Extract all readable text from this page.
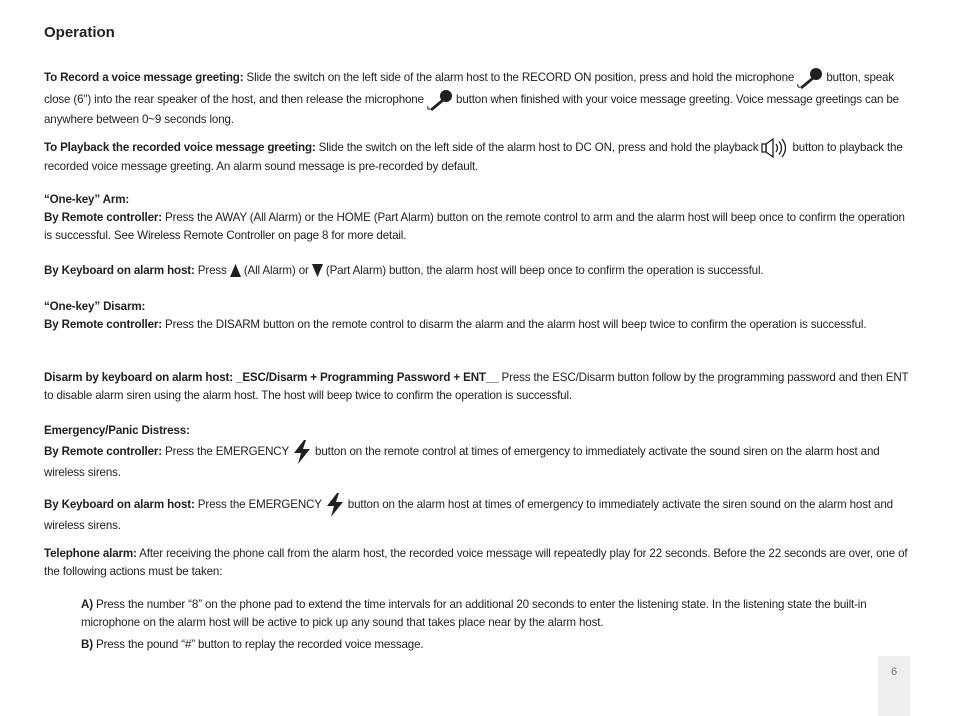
Operation

To Record a voice message greeting: Slide the switch on the left side of the alarm host to the RECORD ON position, press and hold the microphone
button, speak close (6") into the rear speaker of the host, and then release the microphone
button when finished with your voice message greeting. Voice message greetings can be anywhere between 0~9 seconds long.

To Playback the recorded voice message greeting: Slide the switch on the left side of the alarm host to DC ON, press and hold the playback
button to playback the recorded voice message greeting. An alarm sound message is pre-recorded by default.

“One-key” Arm:
By Remote controller: Press the AWAY (All Alarm) or the HOME (Part Alarm) button on the remote control to arm and the alarm host will beep once to confirm the operation is successful. See Wireless Remote Controller on page 8 for more detail.

By Keyboard on alarm host: Press
(All Alarm) or
(Part Alarm) button, the alarm host will beep once to confirm the operation is successful.

“One-key” Disarm:
By Remote controller: Press the DISARM button on the remote control to disarm the alarm and the alarm host will beep twice to confirm the operation is successful.

Disarm by keyboard on alarm host: _ESC/Disarm + Programming Password + ENT__ Press the ESC/Disarm button follow by the programming password and then ENT to disable alarm siren using the alarm host. The host will beep twice to confirm the operation is successful.

Emergency/Panic Distress:
By Remote controller: Press the EMERGENCY
button on the remote control at times of emergency to immediately activate the sound siren on the alarm host and wireless sirens.

By Keyboard on alarm host: Press the EMERGENCY
button on the alarm host at times of emergency to immediately activate the siren sound on the alarm host and wireless sirens.

Telephone alarm: After receiving the phone call from the alarm host, the recorded voice message will repeatedly play for 22 seconds. Before the 22 seconds are over, one of the following actions must be taken:

A) Press the number “8” on the phone pad to extend the time intervals for an additional 20 seconds to enter the listening state. In the listening state the built-in microphone on the alarm host will be active to pick up any sound that takes place near by the alarm host.

B) Press the pound “#” button to replay the recorded voice message.

6
